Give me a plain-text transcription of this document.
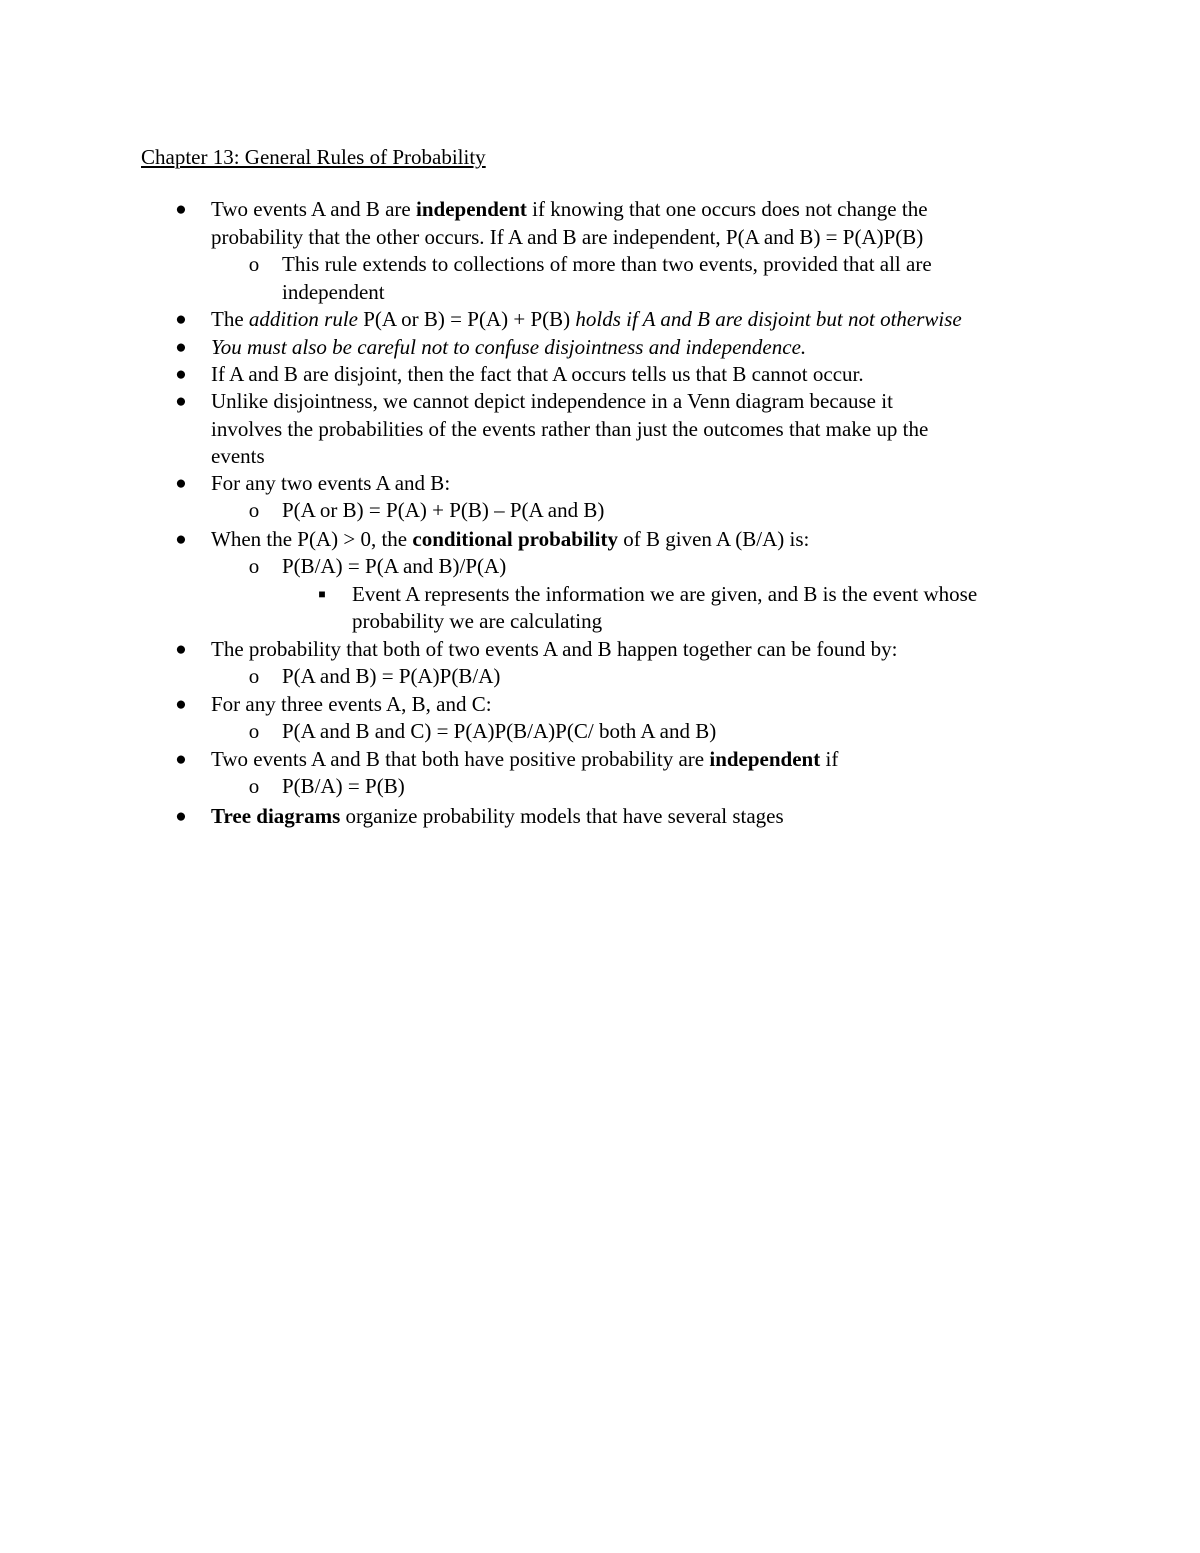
Chapter 13: General Rules of Probability
● Two events A and B are independent if knowing that one occurs does not change the
probability that the other occurs. If A and B are independent, P(A and B) = P(A)P(B)
o This rule extends to collections of more than two events, provided that all are
independent
● The addition rule P(A or B) = P(A) + P(B) holds if A and B are disjoint but not otherwise
● You must also be careful not to confuse disjointness and independence.
● If A and B are disjoint, then the fact that A occurs tells us that B cannot occur.
● Unlike disjointness, we cannot depict independence in a Venn diagram because it
involves the probabilities of the events rather than just the outcomes that make up the
events
● For any two events A and B:
o P(A or B) = P(A) + P(B) – P(A and B)
● When the P(A) > 0, the conditional probability of B given A (B/A) is:
o P(B/A) = P(A and B)/P(A)
■ Event A represents the information we are given, and B is the event whose
probability we are calculating
● The probability that both of two events A and B happen together can be found by:
o P(A and B) = P(A)P(B/A)
● For any three events A, B, and C:
o P(A and B and C) = P(A)P(B/A)P(C/ both A and B)
● Two events A and B that both have positive probability are independent if
o P(B/A) = P(B)
● Tree diagrams organize probability models that have several stages
